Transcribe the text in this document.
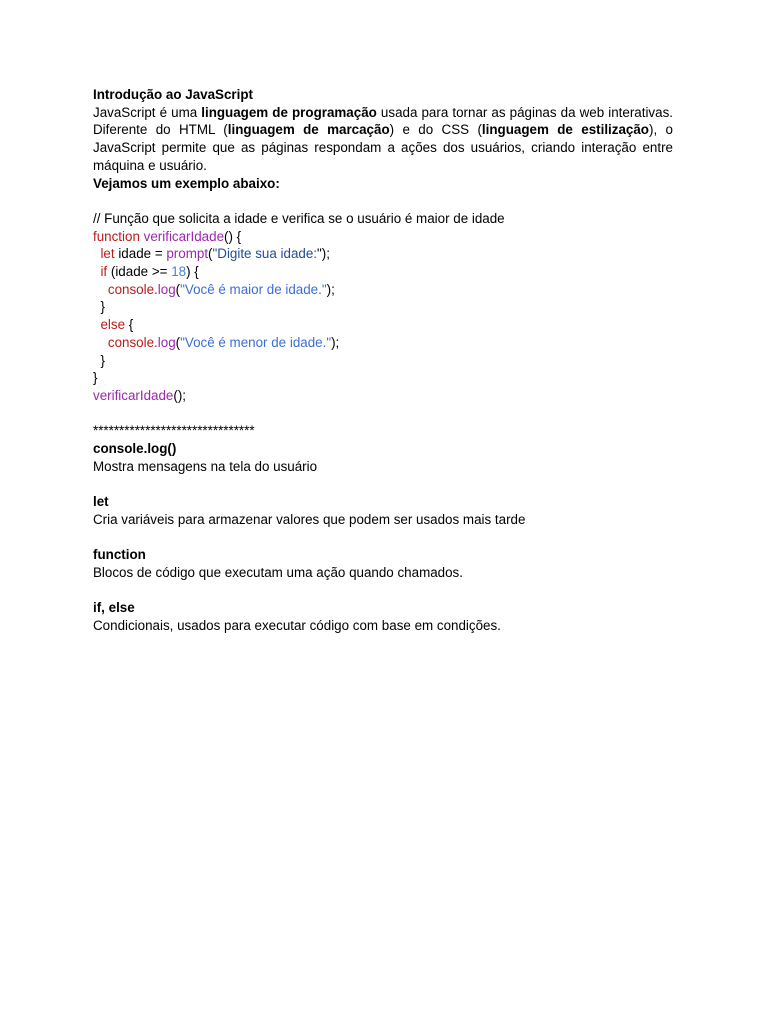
Introdução ao JavaScript
JavaScript é uma linguagem de programação usada para tornar as páginas da web interativas. Diferente do HTML (linguagem de marcação) e do CSS (linguagem de estilização), o JavaScript permite que as páginas respondam a ações dos usuários, criando interação entre máquina e usuário.
Vejamos um exemplo abaixo:
// Função que solicita a idade e verifica se o usuário é maior de idade
function verificarIdade() {
let idade = prompt("Digite sua idade:");
if (idade >= 18) {
console.log("Você é maior de idade.");
}
else {
console.log("Você é menor de idade.");
}
}
verificarIdade();
*******************************
console.log()
Mostra mensagens na tela do usuário
let
Cria variáveis para armazenar valores que podem ser usados mais tarde
function
Blocos de código que executam uma ação quando chamados.
if, else
Condicionais, usados para executar código com base em condições.
